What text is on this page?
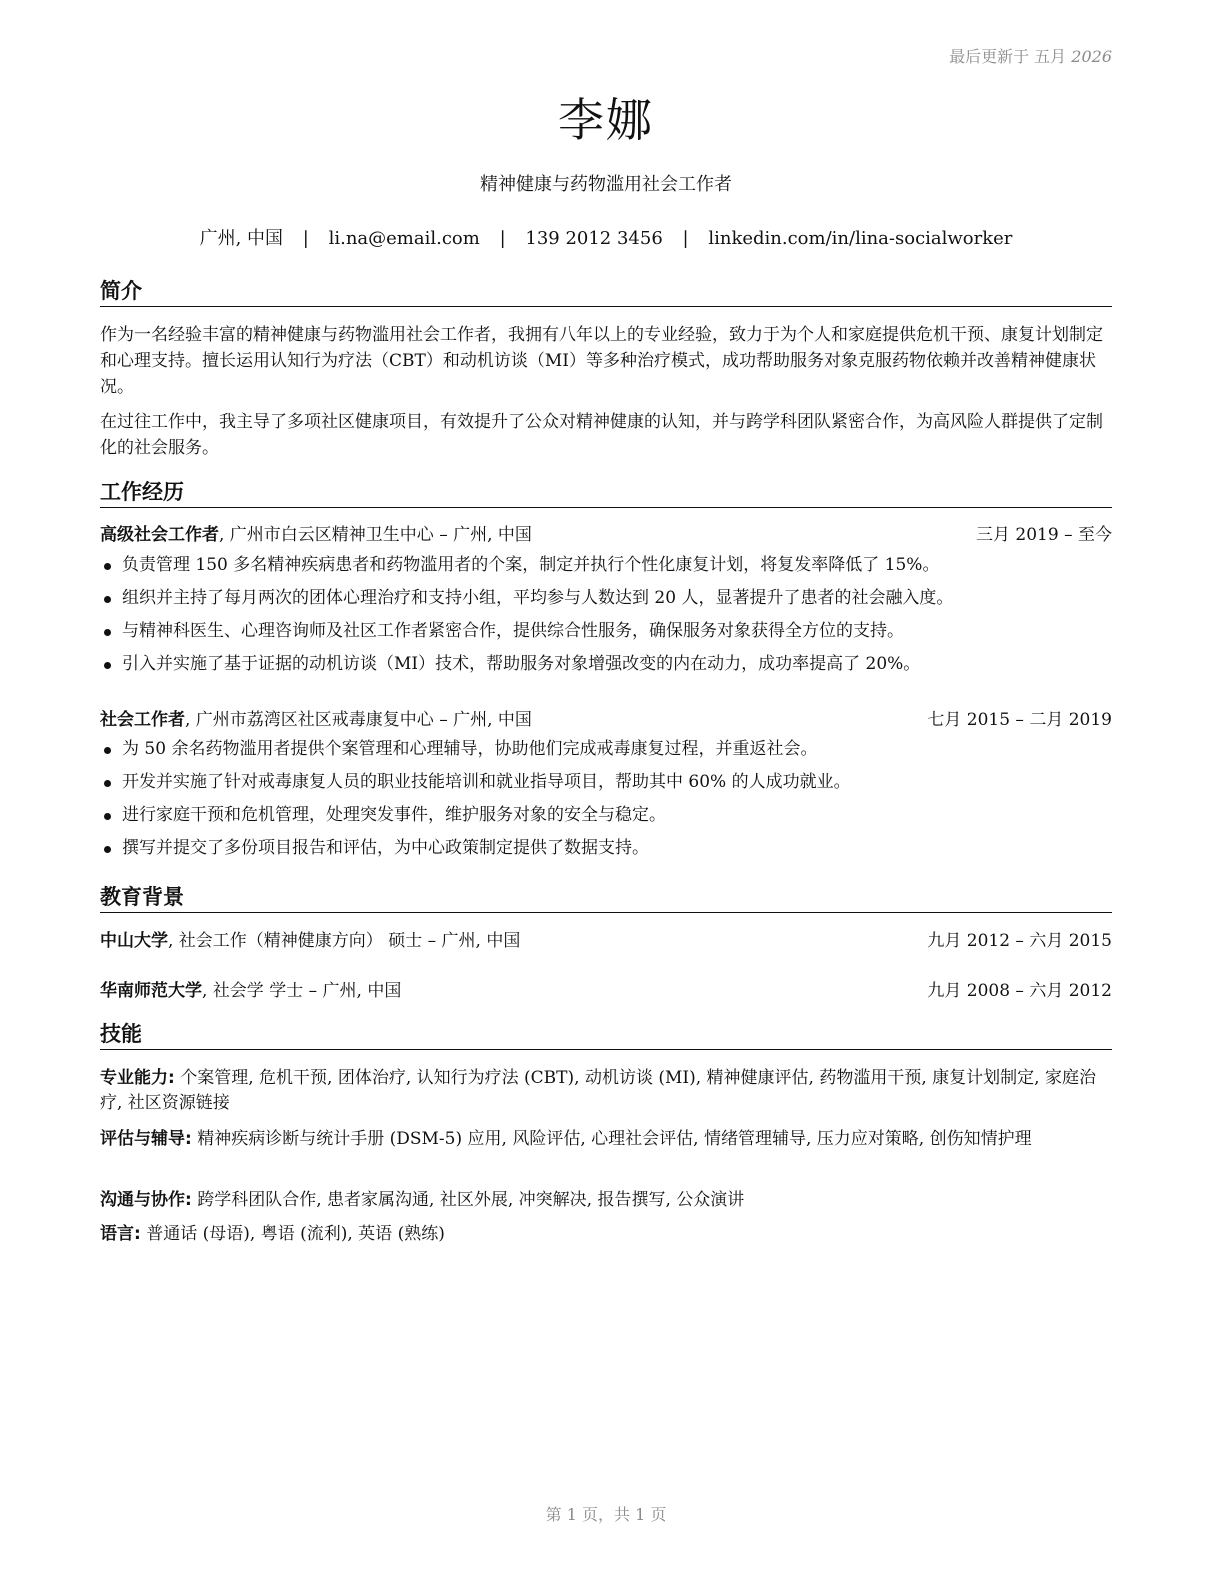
最后更新于 五月 2026
李娜
精神健康与药物滥用社会工作者
广州, 中国 | li.na@email.com | 139 2012 3456 | linkedin.com/in/lina-socialworker
简介
作为一名经验丰富的精神健康与药物滥用社会工作者，我拥有八年以上的专业经验，致力于为个人和家庭提供危机干预、康复计划制定和心理支持。擅长运用认知行为疗法（CBT）和动机访谈（MI）等多种治疗模式，成功帮助服务对象克服药物依赖并改善精神健康状况。
在过往工作中，我主导了多项社区健康项目，有效提升了公众对精神健康的认知，并与跨学科团队紧密合作，为高风险人群提供了定制化的社会服务。
工作经历
高级社会工作者, 广州市白云区精神卫生中心 – 广州, 中国	三月 2019 – 至今
负责管理 150 多名精神疾病患者和药物滥用者的个案，制定并执行个性化康复计划，将复发率降低了 15%。
组织并主持了每月两次的团体心理治疗和支持小组，平均参与人数达到 20 人，显著提升了患者的社会融入度。
与精神科医生、心理咨询师及社区工作者紧密合作，提供综合性服务，确保服务对象获得全方位的支持。
引入并实施了基于证据的动机访谈（MI）技术，帮助服务对象增强改变的内在动力，成功率提高了 20%。
社会工作者, 广州市荔湾区社区戒毒康复中心 – 广州, 中国	七月 2015 – 二月 2019
为 50 余名药物滥用者提供个案管理和心理辅导，协助他们完成戒毒康复过程，并重返社会。
开发并实施了针对戒毒康复人员的职业技能培训和就业指导项目，帮助其中 60% 的人成功就业。
进行家庭干预和危机管理，处理突发事件，维护服务对象的安全与稳定。
撰写并提交了多份项目报告和评估，为中心政策制定提供了数据支持。
教育背景
中山大学, 社会工作（精神健康方向） 硕士 – 广州, 中国	九月 2012 – 六月 2015
华南师范大学, 社会学 学士 – 广州, 中国	九月 2008 – 六月 2012
技能
专业能力: 个案管理, 危机干预, 团体治疗, 认知行为疗法 (CBT), 动机访谈 (MI), 精神健康评估, 药物滥用干预, 康复计划制定, 家庭治疗, 社区资源链接
评估与辅导: 精神疾病诊断与统计手册 (DSM-5) 应用, 风险评估, 心理社会评估, 情绪管理辅导, 压力应对策略, 创伤知情护理
沟通与协作: 跨学科团队合作, 患者家属沟通, 社区外展, 冲突解决, 报告撰写, 公众演讲
语言: 普通话 (母语), 粤语 (流利), 英语 (熟练)
第 1 页，共 1 页
